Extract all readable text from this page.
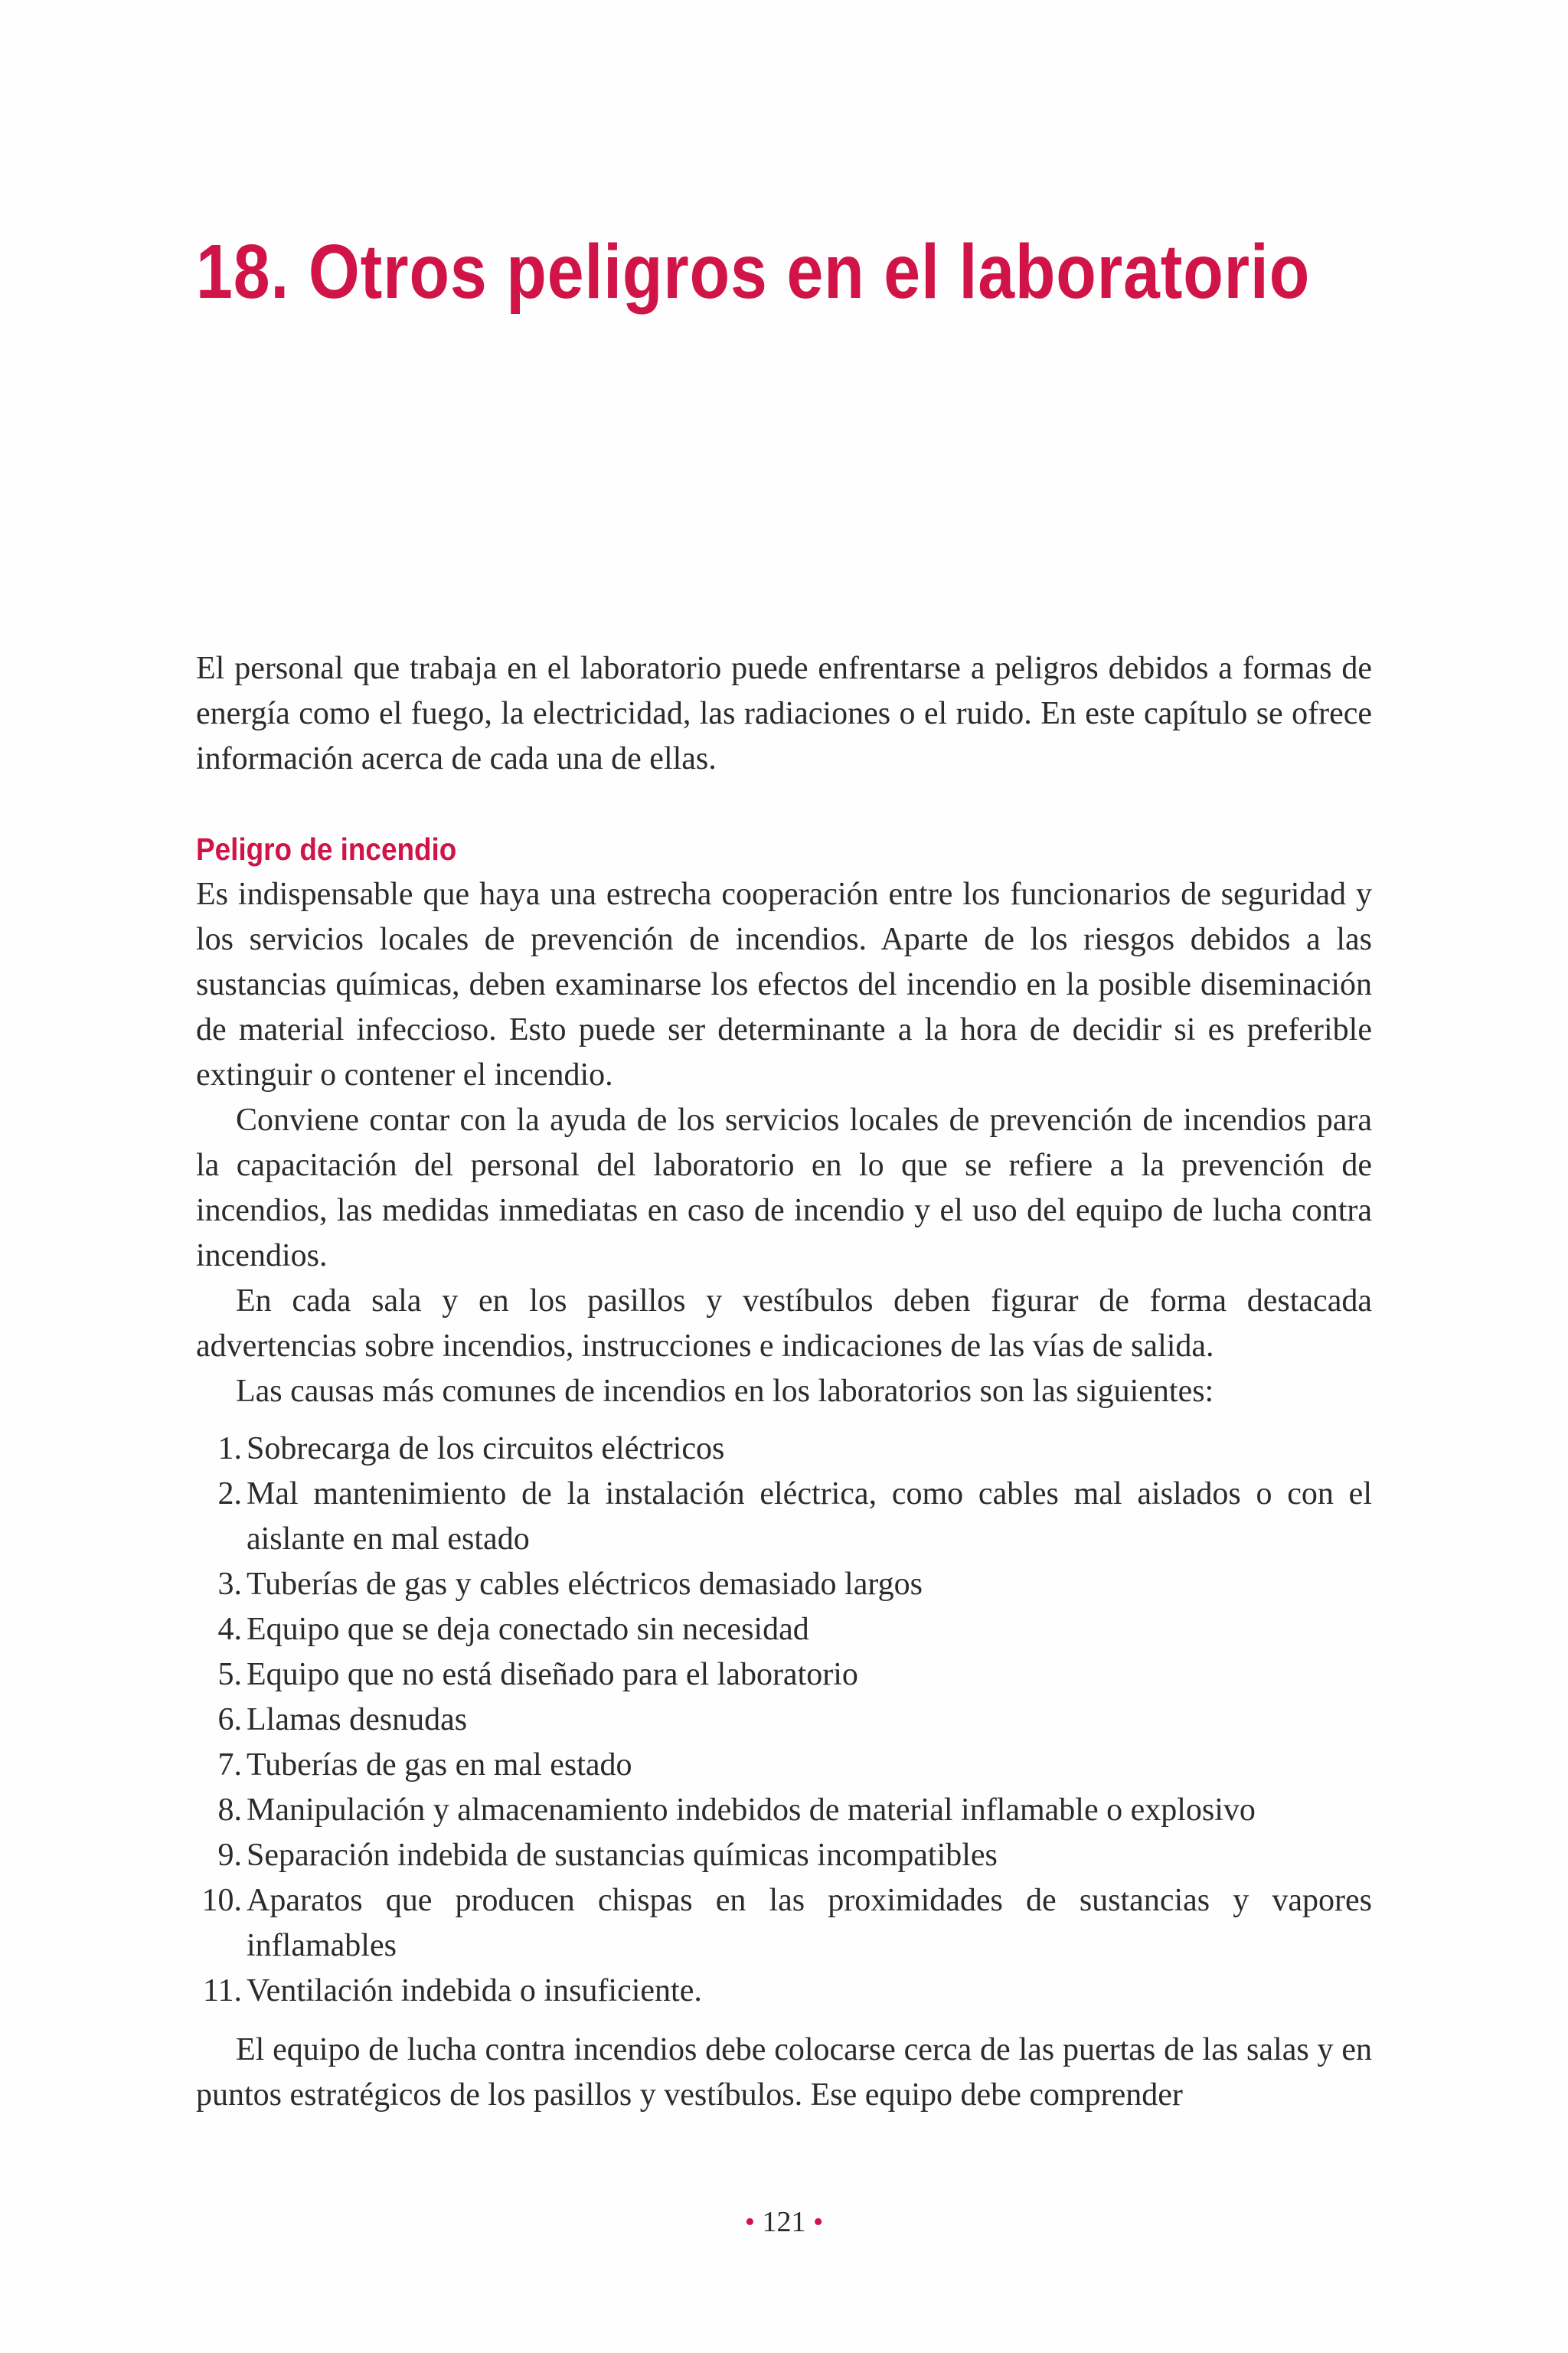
18. Otros peligros en el laboratorio

El personal que trabaja en el laboratorio puede enfrentarse a peligros debidos a formas de energía como el fuego, la electricidad, las radiaciones o el ruido. En este capítulo se ofrece información acerca de cada una de ellas.

Peligro de incendio

Es indispensable que haya una estrecha cooperación entre los funcionarios de seguridad y los servicios locales de prevención de incendios. Aparte de los riesgos debidos a las sustancias químicas, deben examinarse los efectos del incendio en la posible diseminación de material infeccioso. Esto puede ser determinante a la hora de decidir si es preferible extinguir o contener el incendio.

Conviene contar con la ayuda de los servicios locales de prevención de incendios para la capacitación del personal del laboratorio en lo que se refiere a la prevención de incendios, las medidas inmediatas en caso de incendio y el uso del equipo de lucha contra incendios.

En cada sala y en los pasillos y vestíbulos deben figurar de forma destacada advertencias sobre incendios, instrucciones e indicaciones de las vías de salida.

Las causas más comunes de incendios en los laboratorios son las siguientes:

1. Sobrecarga de los circuitos eléctricos
2. Mal mantenimiento de la instalación eléctrica, como cables mal aislados o con el aislante en mal estado
3. Tuberías de gas y cables eléctricos demasiado largos
4. Equipo que se deja conectado sin necesidad
5. Equipo que no está diseñado para el laboratorio
6. Llamas desnudas
7. Tuberías de gas en mal estado
8. Manipulación y almacenamiento indebidos de material inflamable o explosivo
9. Separación indebida de sustancias químicas incompatibles
10. Aparatos que producen chispas en las proximidades de sustancias y vapores inflamables
11. Ventilación indebida o insuficiente.

El equipo de lucha contra incendios debe colocarse cerca de las puertas de las salas y en puntos estratégicos de los pasillos y vestíbulos. Ese equipo debe comprender

• 121 •
